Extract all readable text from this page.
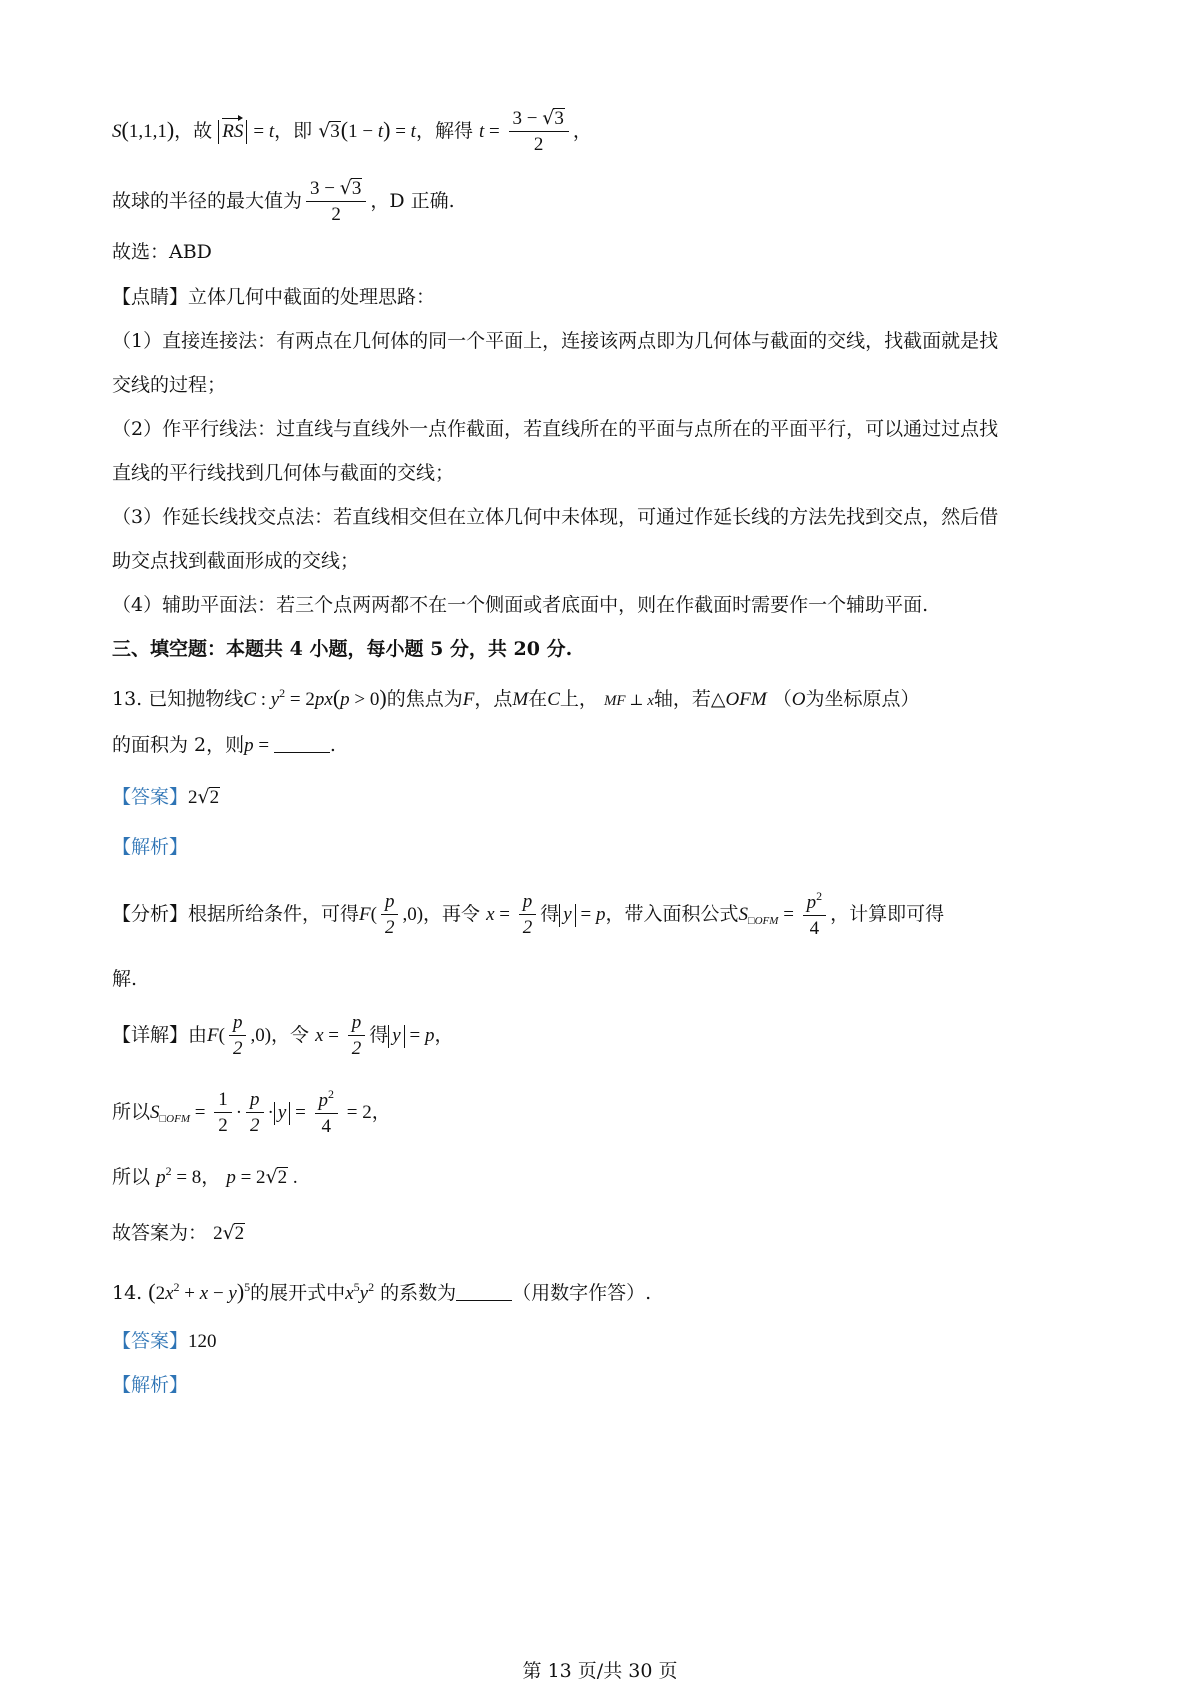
S(1,1,1)，故 RS = t，即 √3(1 − t) = t，解得 $t = \frac{3 - √3}{2}$ ，
故球的半径的最大值为 $\frac{3 - √3}{2}$ ，D 正确.
故选：ABD
【点睛】立体几何中截面的处理思路：
（1）直接连接法：有两点在几何体的同一个平面上，连接该两点即为几何体与截面的交线，找截面就是找
交线的过程；
（2）作平行线法：过直线与直线外一点作截面，若直线所在的平面与点所在的平面平行，可以通过过点找
直线的平行线找到几何体与截面的交线；
（3）作延长线找交点法：若直线相交但在立体几何中未体现，可通过作延长线的方法先找到交点，然后借
助交点找到截面形成的交线；
（4）辅助平面法：若三个点两两都不在一个侧面或者底面中，则在作截面时需要作一个辅助平面.
三、填空题：本题共 4 小题，每小题 5 分，共 20 分.
13. 已知抛物线C : $y^2 = 2px(p > 0)$的焦点为F，点M在C上， MF ⊥ x轴，若△OFM （O为坐标原点）
的面积为 2，则p =	.
【答案】2√2
【解析】
【分析】根据所给条件，可得$F( \frac{p}{2} ,0)$，再令 $x = \frac{p}{2}$ 得 y = p，带入面积公式$S_{□OFM} = \frac{p^2}{4}$ ，计算即可得
解.
【详解】由$F( \frac{p}{2} ,0)$，令 $x = \frac{p}{2}$ 得 y = p，
所以$S_{□OFM} = \frac{1}{2} \cdot \frac{p}{2} \cdot y = \frac{p^2}{4} = 2$，
所以 $p^2 = 8$， p = 2√2 .
故答案为： 2√2
14. $(2x^2 + x - y)^5$的展开式中$x^5y^2$ 的系数为	（用数字作答）.
【答案】120
【解析】
第 13 页/共 30 页
